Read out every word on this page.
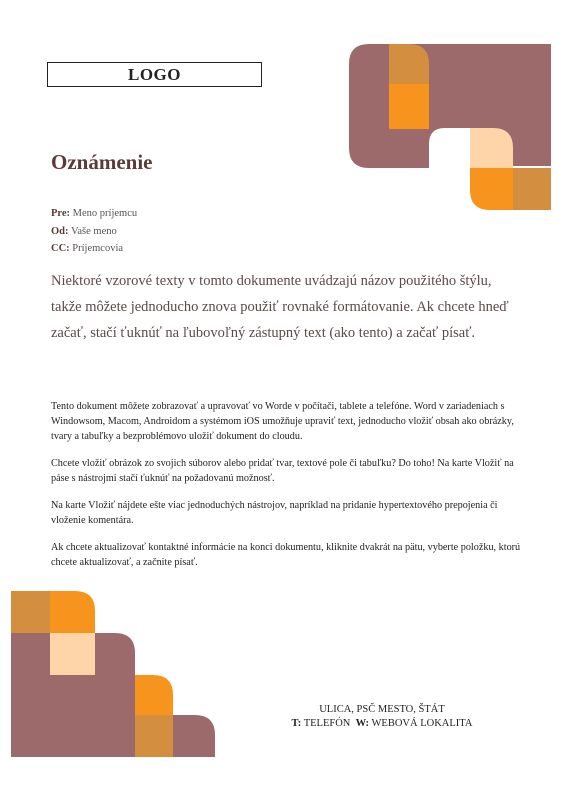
LOGO
Oznámenie
Pre: Meno príjemcu
Od: Vaše meno
CC: Príjemcovia

Niektoré vzorové texty v tomto dokumente uvádzajú názov použitého štýlu, takže môžete jednoducho znova použiť rovnaké formátovanie. Ak chcete hneď začať, stačí ťuknúť na ľubovoľný zástupný text (ako tento) a začať písať.

Tento dokument môžete zobrazovať a upravovať vo Worde v počítači, tablete a telefóne. Word v zariadeniach s Windowsom, Macom, Androidom a systémom iOS umožňuje upraviť text, jednoducho vložiť obsah ako obrázky, tvary a tabuľky a bezproblémovo uložiť dokument do cloudu.

Chcete vložiť obrázok zo svojich súborov alebo pridať tvar, textové pole či tabuľku? Do toho! Na karte Vložiť na páse s nástrojmi stačí ťuknúť na požadovanú možnosť.

Na karte Vložiť nájdete ešte viac jednoduchých nástrojov, napríklad na pridanie hypertextového prepojenia či vloženie komentára.

Ak chcete aktualizovať kontaktné informácie na konci dokumentu, kliknite dvakrát na pätu, vyberte položku, ktorú chcete aktualizovať, a začnite písať.

ULICA, PSČ MESTO, ŠTÁT
T: TELEFÓN W: WEBOVÁ LOKALITA
